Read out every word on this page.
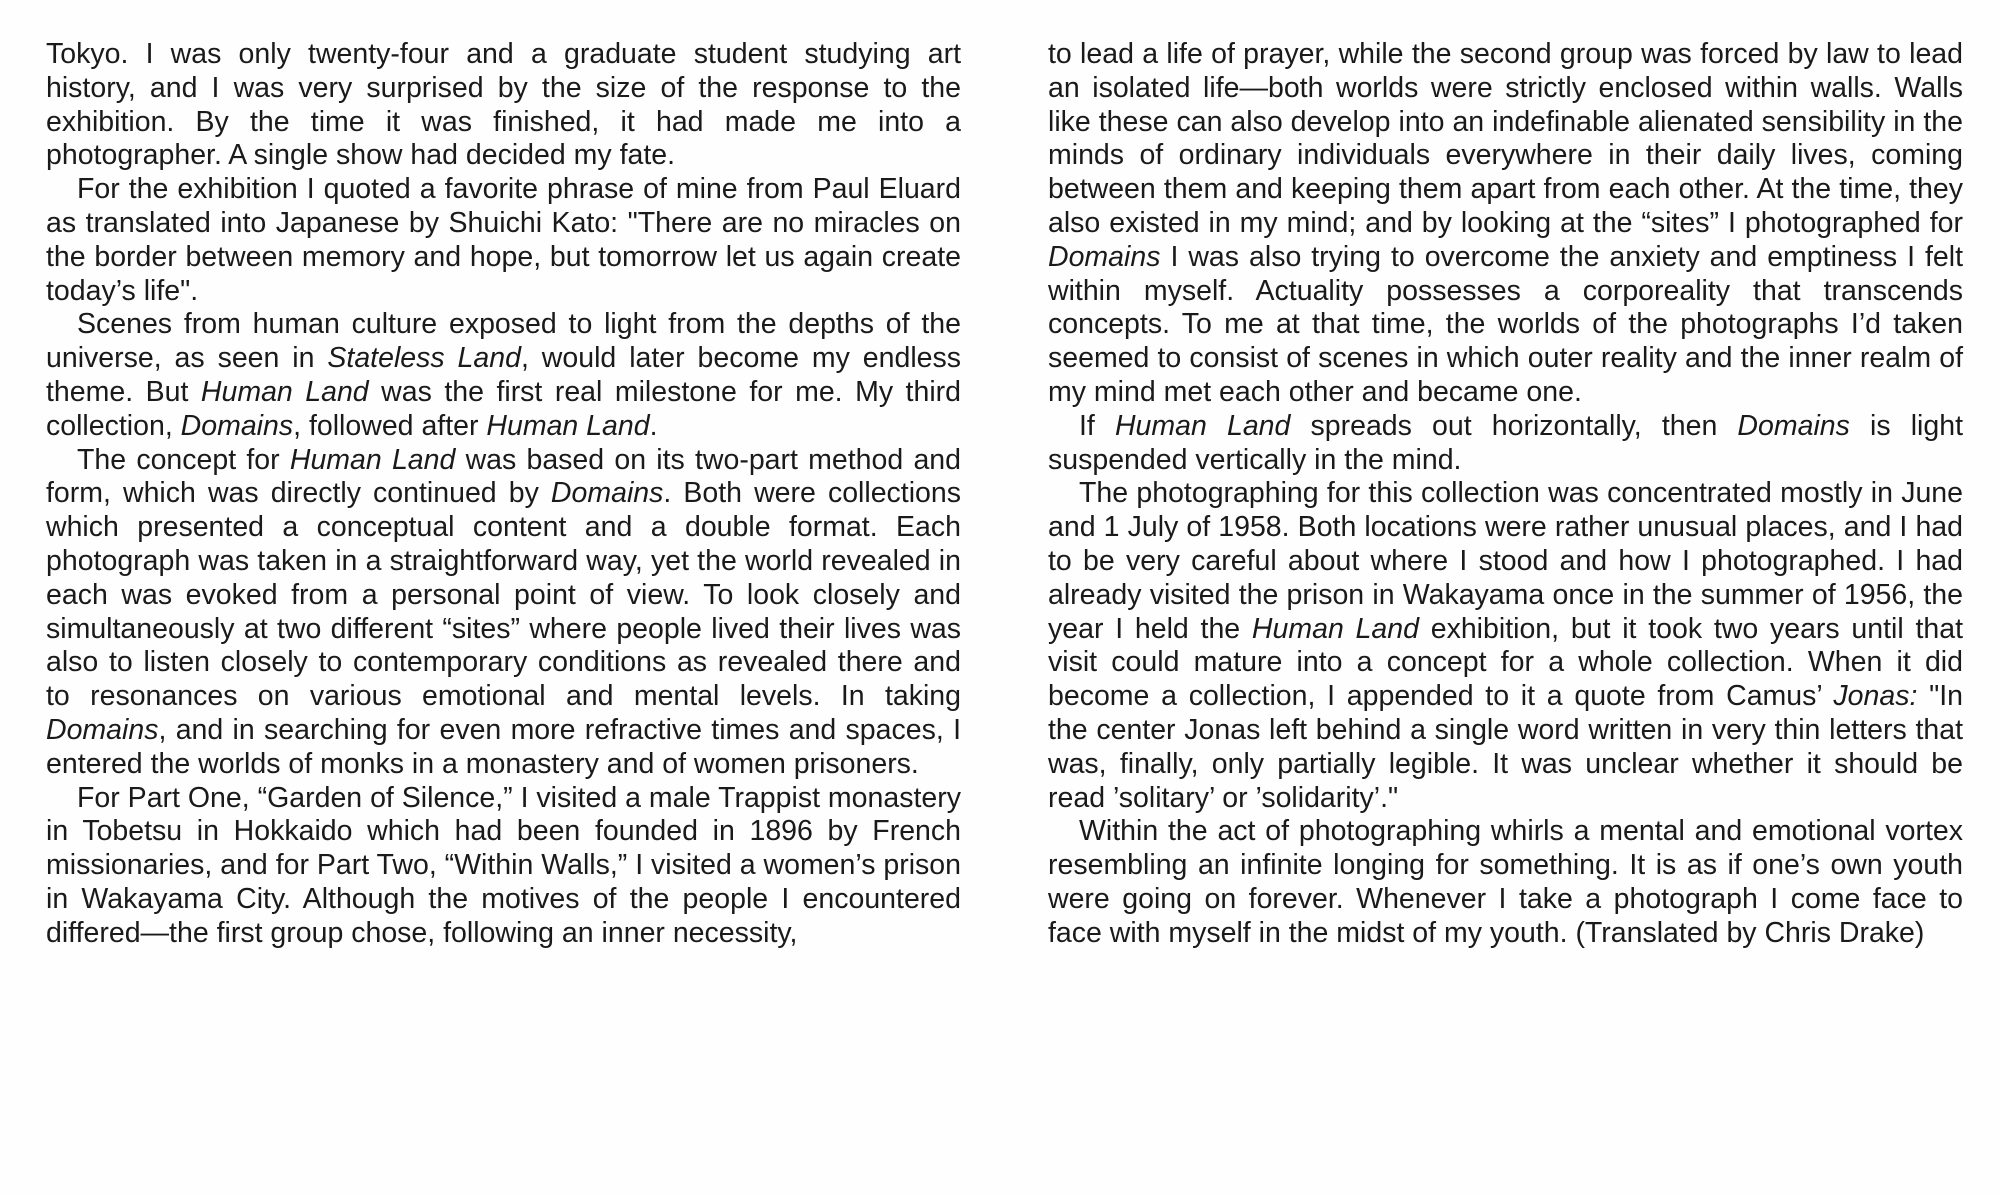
Tokyo. I was only twenty-four and a graduate student studying art history, and I was very surprised by the size of the response to the exhibition. By the time it was finished, it had made me into a photographer. A single show had decided my fate.

For the exhibition I quoted a favorite phrase of mine from Paul Eluard as translated into Japanese by Shuichi Kato: "There are no miracles on the border between memory and hope, but tomorrow let us again create today’s life".

Scenes from human culture exposed to light from the depths of the universe, as seen in Stateless Land, would later become my endless theme. But Human Land was the first real milestone for me. My third collection, Domains, followed after Human Land.

The concept for Human Land was based on its two-part method and form, which was directly continued by Domains. Both were collections which presented a conceptual content and a double format. Each photograph was taken in a straightforward way, yet the world revealed in each was evoked from a personal point of view. To look closely and simultaneously at two different “sites” where people lived their lives was also to listen closely to contemporary conditions as revealed there and to resonances on various emotional and mental levels. In taking Domains, and in searching for even more refractive times and spaces, I entered the worlds of monks in a monastery and of women prisoners.

For Part One, “Garden of Silence,” I visited a male Trappist monastery in Tobetsu in Hokkaido which had been founded in 1896 by French missionaries, and for Part Two, “Within Walls,” I visited a women’s prison in Wakayama City. Although the motives of the people I encountered differed—the first group chose, following an inner necessity,

to lead a life of prayer, while the second group was forced by law to lead an isolated life—both worlds were strictly enclosed within walls. Walls like these can also develop into an indefinable alienated sensibility in the minds of ordinary individuals everywhere in their daily lives, coming between them and keeping them apart from each other. At the time, they also existed in my mind; and by looking at the “sites” I photographed for Domains I was also trying to overcome the anxiety and emptiness I felt within myself. Actuality possesses a corporeality that transcends concepts. To me at that time, the worlds of the photographs I’d taken seemed to consist of scenes in which outer reality and the inner realm of my mind met each other and became one.

If Human Land spreads out horizontally, then Domains is light suspended vertically in the mind.

The photographing for this collection was concentrated mostly in June and 1 July of 1958. Both locations were rather unusual places, and I had to be very careful about where I stood and how I photographed. I had already visited the prison in Wakayama once in the summer of 1956, the year I held the Human Land exhibition, but it took two years until that visit could mature into a concept for a whole collection. When it did become a collection, I appended to it a quote from Camus’ Jonas: "In the center Jonas left behind a single word written in very thin letters that was, finally, only partially legible. It was unclear whether it should be read ’solitary’ or ’solidarity’."

Within the act of photographing whirls a mental and emotional vortex resembling an infinite longing for something. It is as if one’s own youth were going on forever. Whenever I take a photograph I come face to face with myself in the midst of my youth. (Translated by Chris Drake)
